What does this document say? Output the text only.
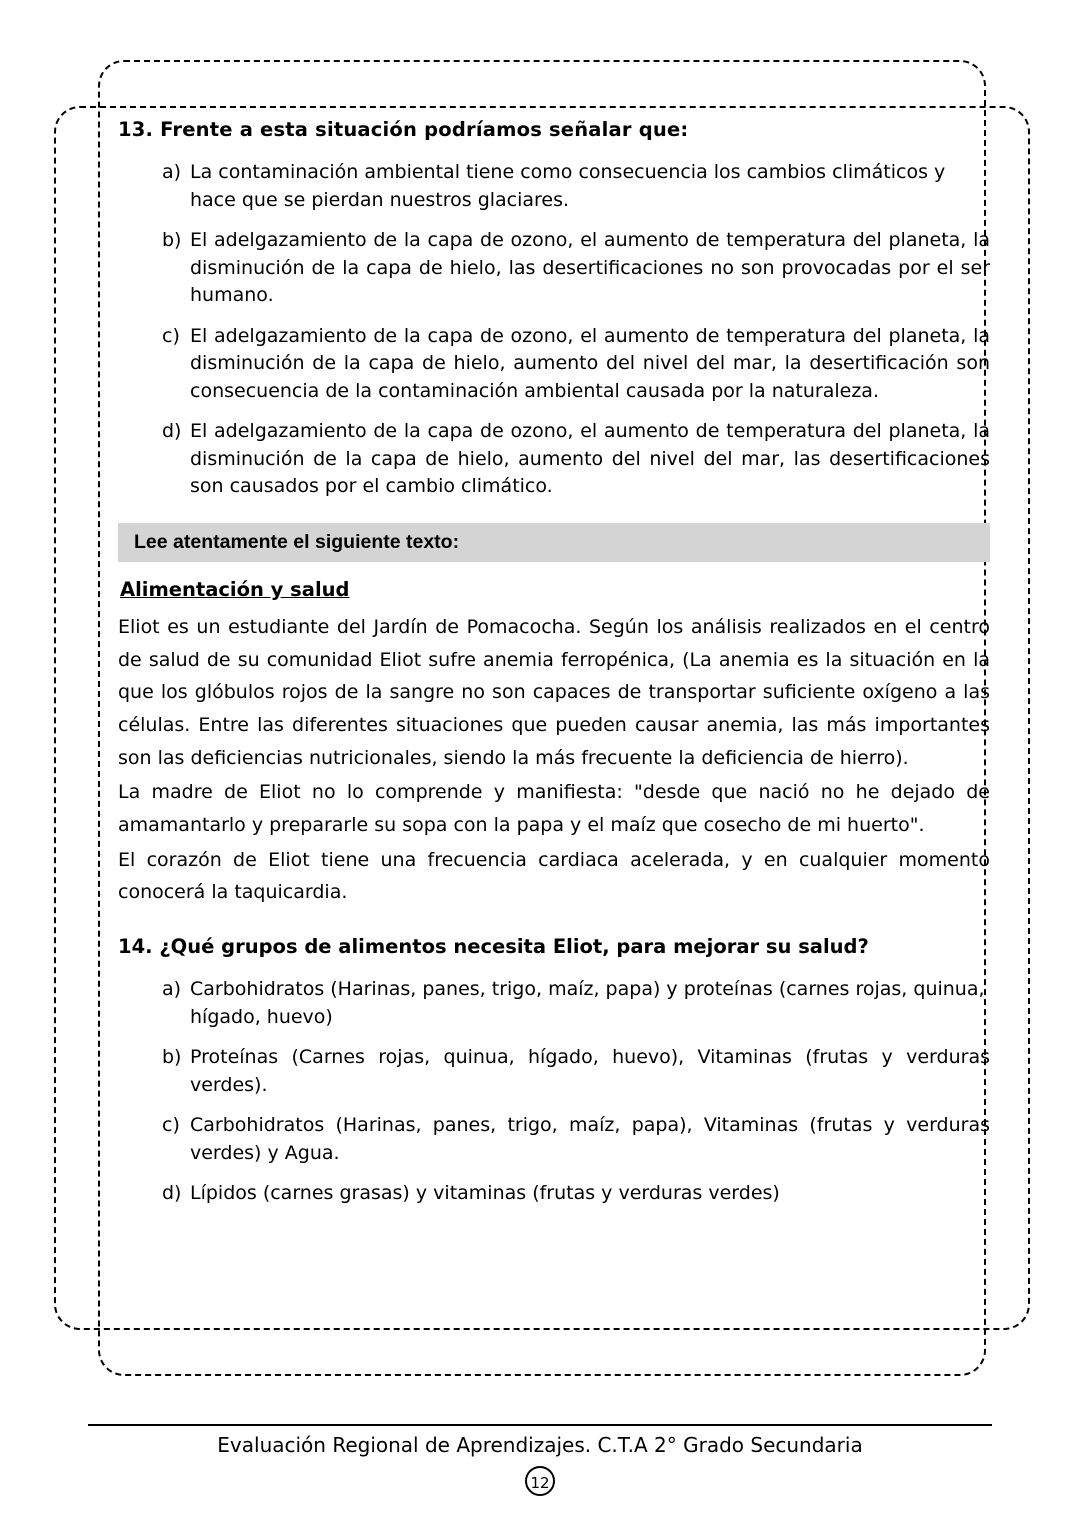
13. Frente a esta situación podríamos señalar que:
a) La contaminación ambiental tiene como consecuencia los cambios climáticos y hace que se pierdan nuestros glaciares.
b) El adelgazamiento de la capa de ozono, el aumento de temperatura del planeta, la disminución de la capa de hielo, las desertificaciones no son provocadas por el ser humano.
c) El adelgazamiento de la capa de ozono, el aumento de temperatura del planeta, la disminución de la capa de hielo, aumento del nivel del mar, la desertificación son consecuencia de la contaminación ambiental causada por la naturaleza.
d) El adelgazamiento de la capa de ozono, el aumento de temperatura del planeta, la disminución de la capa de hielo, aumento del nivel del mar, las desertificaciones son causados por el cambio climático.
Lee atentamente el siguiente texto:
Alimentación y salud

Eliot es un estudiante del Jardín de Pomacocha. Según los análisis realizados en el centro de salud de su comunidad Eliot sufre anemia ferropénica, (La anemia es la situación en la que los glóbulos rojos de la sangre no son capaces de transportar suficiente oxígeno a las células. Entre las diferentes situaciones que pueden causar anemia, las más importantes son las deficiencias nutricionales, siendo la más frecuente la deficiencia de hierro).

La madre de Eliot no lo comprende y manifiesta: "desde que nació no he dejado de amamantarlo y prepararle su sopa con la papa y el maíz que cosecho de mi huerto".

El corazón de Eliot tiene una frecuencia cardiaca acelerada, y en cualquier momento conocerá la taquicardia.

14. ¿Qué grupos de alimentos necesita Eliot, para mejorar su salud?
a) Carbohidratos (Harinas, panes, trigo, maíz, papa) y proteínas (carnes rojas, quinua, hígado, huevo)
b) Proteínas (Carnes rojas, quinua, hígado, huevo), Vitaminas (frutas y verduras verdes).
c) Carbohidratos (Harinas, panes, trigo, maíz, papa), Vitaminas (frutas y verduras verdes) y Agua.
d) Lípidos (carnes grasas) y vitaminas (frutas y verduras verdes)
Evaluación Regional de Aprendizajes. C.T.A 2° Grado Secundaria
12
